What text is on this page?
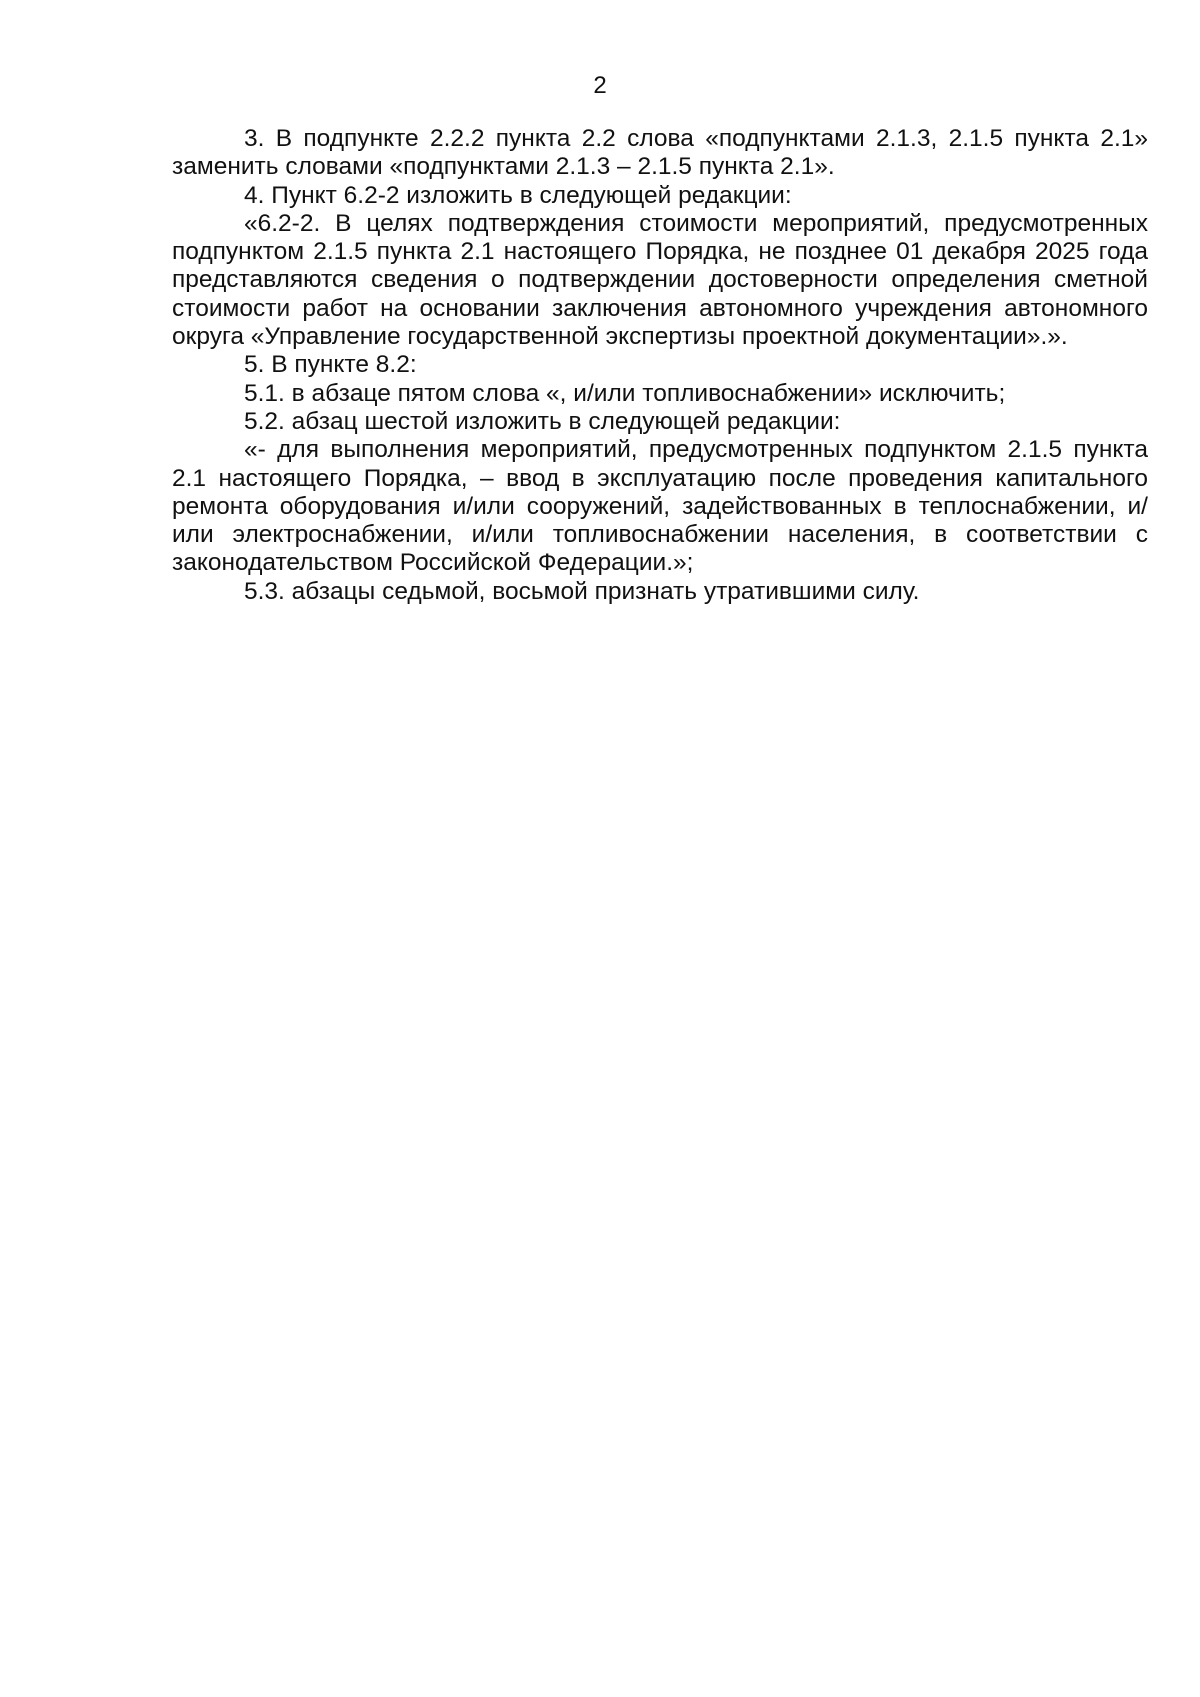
2

3. В подпункте 2.2.2 пункта 2.2 слова «подпунктами 2.1.3, 2.1.5 пункта 2.1» заменить словами «подпунктами 2.1.3 – 2.1.5 пункта 2.1».

4. Пункт 6.2-2 изложить в следующей редакции:

«6.2-2. В целях подтверждения стоимости мероприятий, предусмотренных подпунктом 2.1.5 пункта 2.1 настоящего Порядка, не позднее 01 декабря 2025 года представляются сведения о подтверждении достоверности определения сметной стоимости работ на основании заключения автономного учреждения автономного округа «Управление государственной экспертизы проектной документации».».

5. В пункте 8.2:

5.1. в абзаце пятом слова «, и/или топливоснабжении» исключить;

5.2. абзац шестой изложить в следующей редакции:

«- для выполнения мероприятий, предусмотренных подпунктом 2.1.5 пункта 2.1 настоящего Порядка, – ввод в эксплуатацию после проведения капитального ремонта оборудования и/или сооружений, задействованных в теплоснабжении, и/или электроснабжении, и/или топливоснабжении населения, в соответствии с законодательством Российской Федерации.»;

5.3. абзацы седьмой, восьмой признать утратившими силу.
